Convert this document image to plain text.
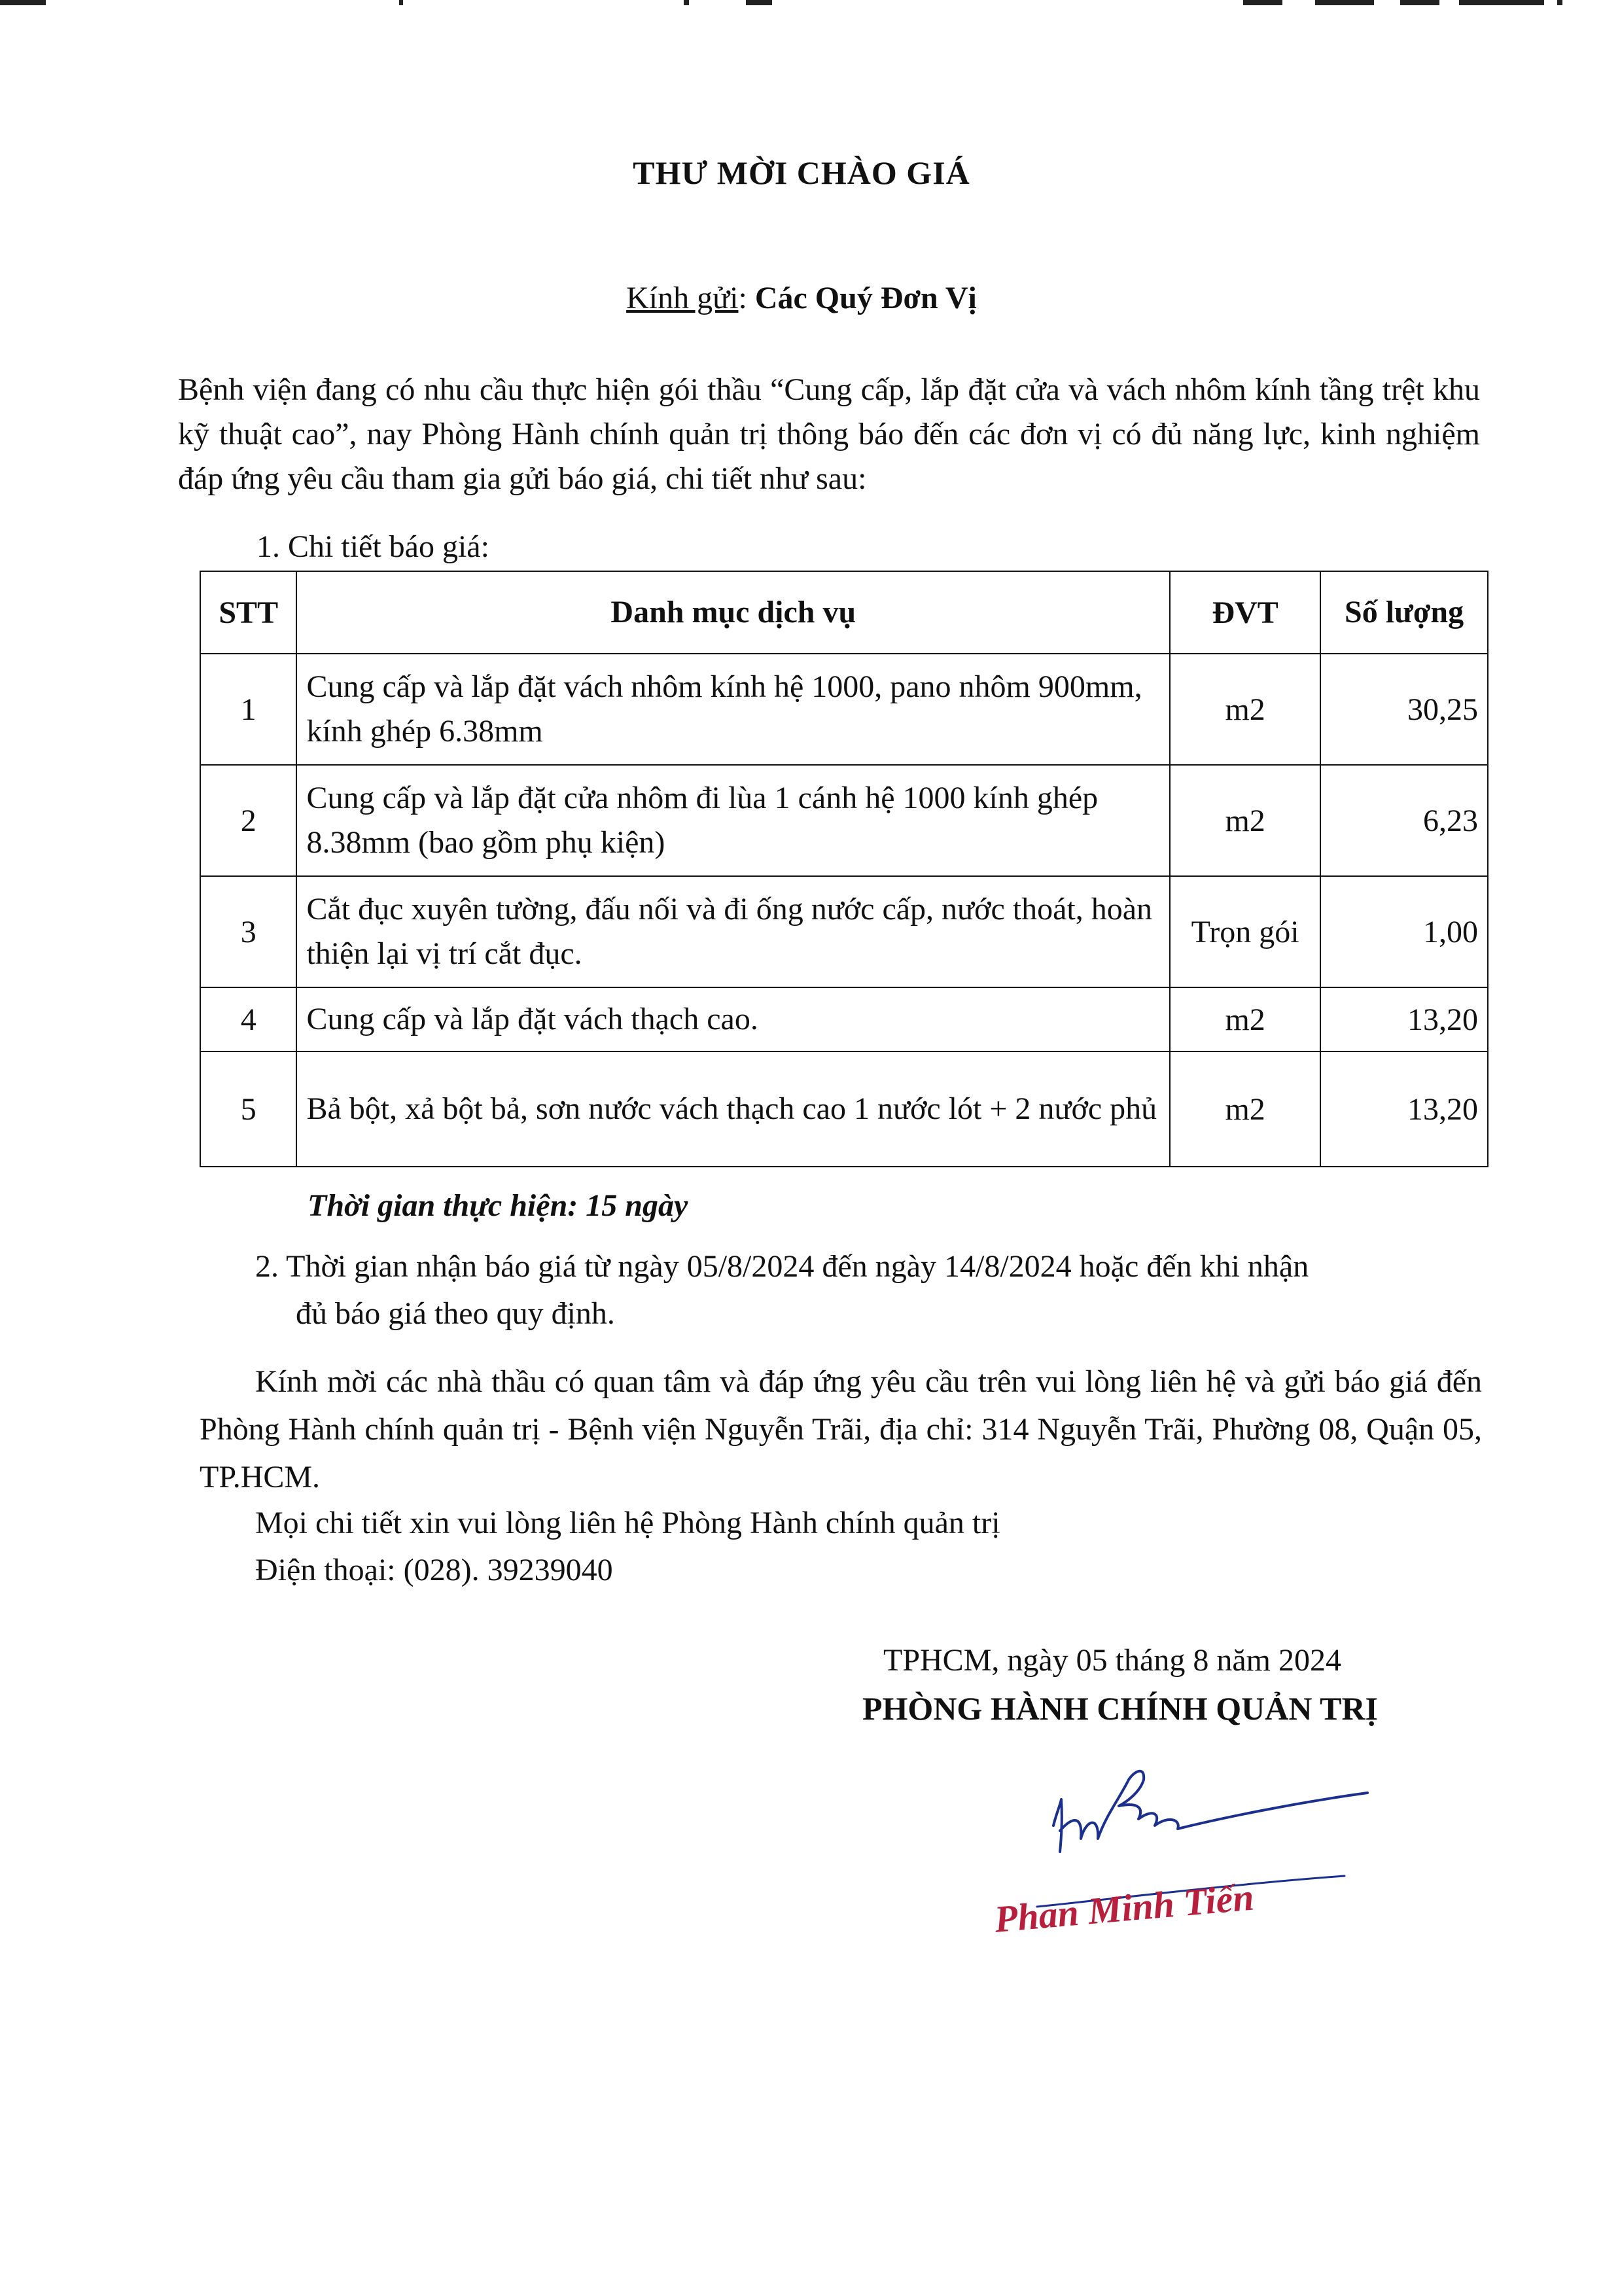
THƯ MỜI CHÀO GIÁ
Kính gửi: Các Quý Đơn Vị
Bệnh viện đang có nhu cầu thực hiện gói thầu “Cung cấp, lắp đặt cửa và vách nhôm kính tầng trệt khu kỹ thuật cao”, nay Phòng Hành chính quản trị thông báo đến các đơn vị có đủ năng lực, kinh nghiệm đáp ứng yêu cầu tham gia gửi báo giá, chi tiết như sau:
1. Chi tiết báo giá:
STT	Danh mục dịch vụ	ĐVT	Số lượng
1	Cung cấp và lắp đặt vách nhôm kính hệ 1000, pano nhôm 900mm, kính ghép 6.38mm	m2	30,25
2	Cung cấp và lắp đặt cửa nhôm đi lùa 1 cánh hệ 1000 kính ghép 8.38mm (bao gồm phụ kiện)	m2	6,23
3	Cắt đục xuyên tường, đấu nối và đi ống nước cấp, nước thoát, hoàn thiện lại vị trí cắt đục.	Trọn gói	1,00
4	Cung cấp và lắp đặt vách thạch cao.	m2	13,20
5	Bả bột, xả bột bả, sơn nước vách thạch cao 1 nước lót + 2 nước phủ	m2	13,20
Thời gian thực hiện: 15 ngày
2. Thời gian nhận báo giá từ ngày 05/8/2024 đến ngày 14/8/2024 hoặc đến khi nhận
đủ báo giá theo quy định.
Kính mời các nhà thầu có quan tâm và đáp ứng yêu cầu trên vui lòng liên hệ và gửi báo giá đến Phòng Hành chính quản trị - Bệnh viện Nguyễn Trãi, địa chỉ: 314 Nguyễn Trãi, Phường 08, Quận 05, TP.HCM.
Mọi chi tiết xin vui lòng liên hệ Phòng Hành chính quản trị
Điện thoại: (028). 39239040
TPHCM, ngày 05 tháng 8 năm 2024
PHÒNG HÀNH CHÍNH QUẢN TRỊ
Phan Minh Tiến
